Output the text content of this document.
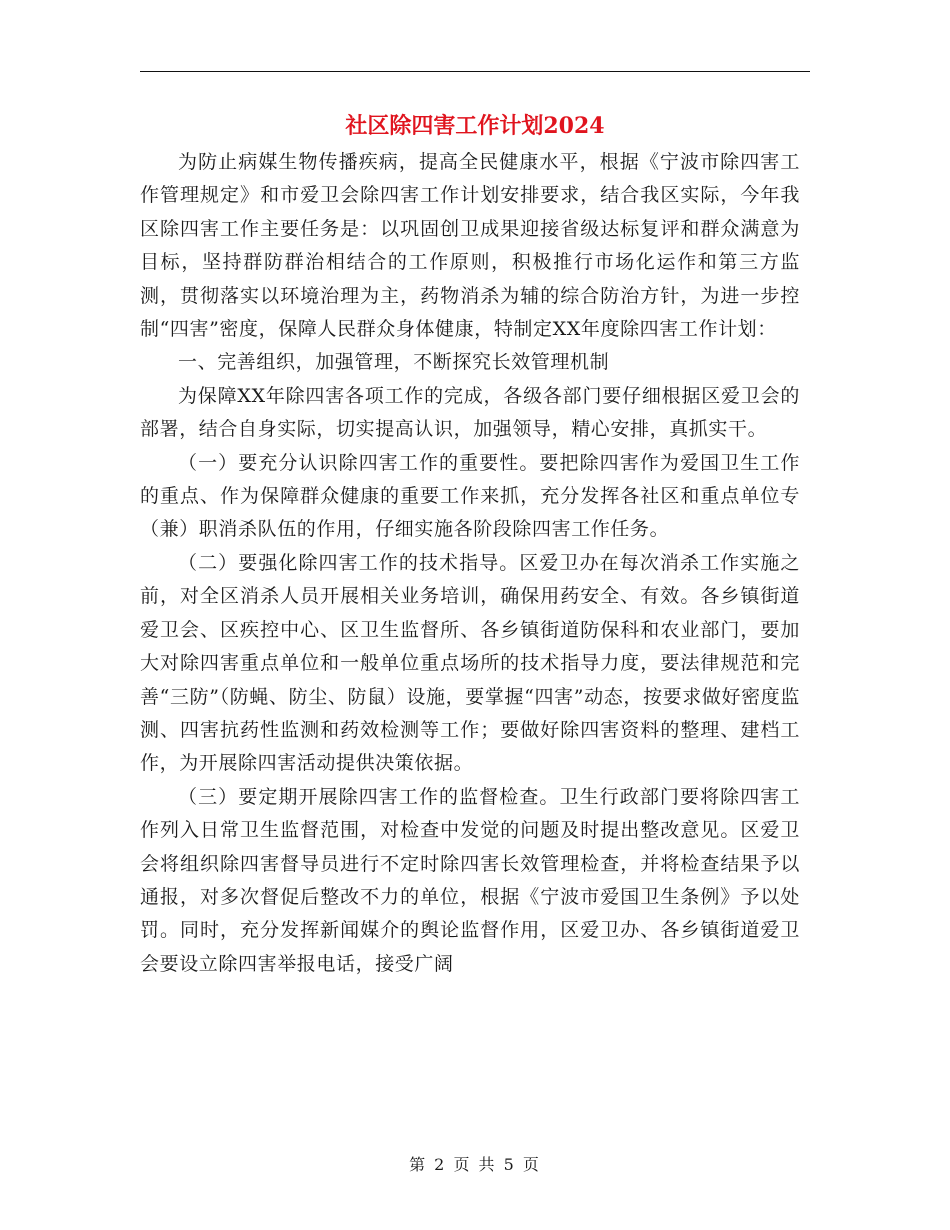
社区除四害工作计划2024

为防止病媒生物传播疾病，提高全民健康水平，根据《宁波市除四害工作管理规定》和市爱卫会除四害工作计划安排要求，结合我区实际，今年我区除四害工作主要任务是：以巩固创卫成果迎接省级达标复评和群众满意为目标，坚持群防群治相结合的工作原则，积极推行市场化运作和第三方监测，贯彻落实以环境治理为主，药物消杀为辅的综合防治方针，为进一步控制“四害”密度，保障人民群众身体健康，特制定XX年度除四害工作计划：

一、完善组织，加强管理，不断探究长效管理机制

为保障XX年除四害各项工作的完成，各级各部门要仔细根据区爱卫会的部署，结合自身实际，切实提高认识，加强领导，精心安排，真抓实干。

（一）要充分认识除四害工作的重要性。要把除四害作为爱国卫生工作的重点、作为保障群众健康的重要工作来抓，充分发挥各社区和重点单位专（兼）职消杀队伍的作用，仔细实施各阶段除四害工作任务。

（二）要强化除四害工作的技术指导。区爱卫办在每次消杀工作实施之前，对全区消杀人员开展相关业务培训，确保用药安全、有效。各乡镇街道爱卫会、区疾控中心、区卫生监督所、各乡镇街道防保科和农业部门，要加大对除四害重点单位和一般单位重点场所的技术指导力度，要法律规范和完善“三防”（防蝇、防尘、防鼠）设施，要掌握“四害”动态，按要求做好密度监测、四害抗药性监测和药效检测等工作；要做好除四害资料的整理、建档工作，为开展除四害活动提供决策依据。

（三）要定期开展除四害工作的监督检查。卫生行政部门要将除四害工作列入日常卫生监督范围，对检查中发觉的问题及时提出整改意见。区爱卫会将组织除四害督导员进行不定时除四害长效管理检查，并将检查结果予以通报，对多次督促后整改不力的单位，根据《宁波市爱国卫生条例》予以处罚。同时，充分发挥新闻媒介的舆论监督作用，区爱卫办、各乡镇街道爱卫会要设立除四害举报电话，接受广阔

第 2 页 共 5 页
